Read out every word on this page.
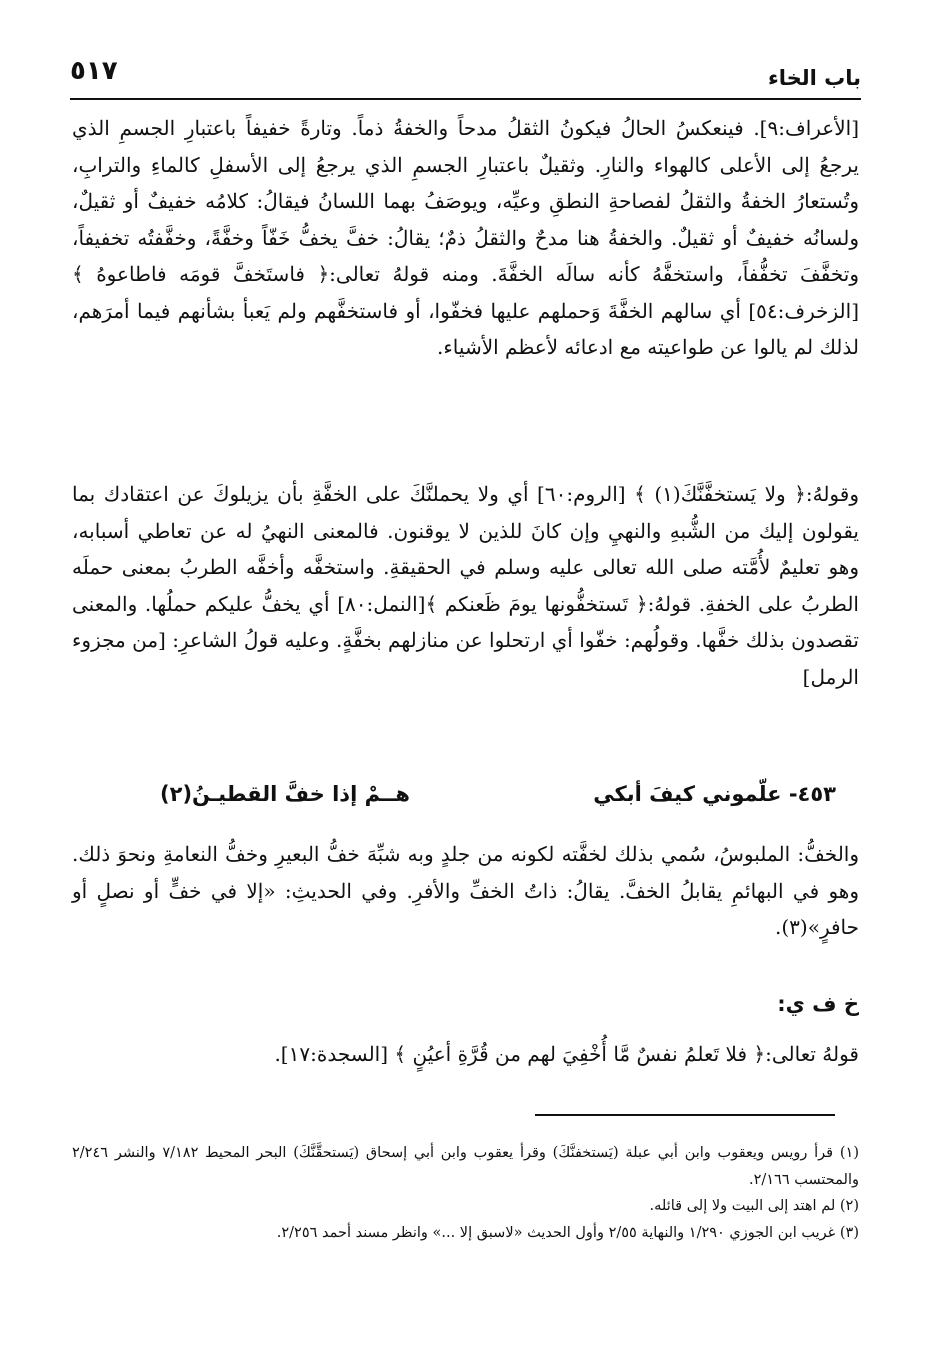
٥١٧	باب الخاء

[الأعراف:٩]. فينعكسُ الحالُ فيكونُ الثقلُ مدحاً والخفةُ ذماً. وتارةً خفيفاً باعتبارِ الجسمِ الذي يرجعُ إلى الأعلى كالهواء والنارِ. وثقيلٌ باعتبارِ الجسمِ الذي يرجعُ إلى الأسفلِ كالماءِ والترابِ، وتُستعارُ الخفةُ والثقلُ لفصاحةِ النطقِ وعيِّه، ويوصَفُ بهما اللسانُ فيقالُ: كلامُه خفيفٌ أو ثقيلٌ، ولسانُه خفيفٌ أو ثقيلٌ. والخفةُ هنا مدحٌ والثقلُ ذمٌ؛ يقالُ: خفَّ يخفُّ خَفّاً وخفَّةً، وخفَّفتُه تخفيفاً، وتخفَّفَ تخفُّفاً، واستخفَّهُ كأنه سالَه الخفَّةَ. ومنه قولهُ تعالى:﴿ فاستَخفَّ قومَه فاطاعوهُ ﴾ [الزخرف:٥٤] أي سالهم الخفَّةَ وَحملهم عليها فخفّوا، أو فاستخفَّهم ولم يَعبأ بشأنهم فيما أمرَهم، لذلك لم يالوا عن طواعيته مع ادعائه لأعظم الأشياء.

وقولهُ:﴿ ولا يَستخفَّنَّكَ(١) ﴾ [الروم:٦٠] أي ولا يحملنَّكَ على الخفَّةِ بأن يزيلوكَ عن اعتقادك بما يقولون إليك من الشُّبهِ والنهيِ وإن كانَ للذين لا يوقنون. فالمعنى النهيُ له عن تعاطي أسبابه، وهو تعليمٌ لأُمَّته صلى الله تعالى عليه وسلم في الحقيقةِ. واستخفَّه وأخفَّه الطربُ بمعنى حملَه الطربُ على الخفةِ. قولهُ:﴿ تَستخفُّونها يومَ ظَعنكم ﴾[النمل:٨٠] أي يخفُّ عليكم حملُها. والمعنى تقصدون بذلك خفَّها. وقولُهم: خفّوا أي ارتحلوا عن منازلهم بخفَّةٍ. وعليه قولُ الشاعرِ: [من مجزوء الرمل]

٤٥٣- علّموني كيفَ أبكي
هــمْ إذا خفَّ القطيـنُ(٢)

والخفُّ: الملبوسُ، سُمي بذلك لخفَّته لكونه من جلدٍ وبه شبِّهَ خفُّ البعيرِ وخفُّ النعامةِ ونحوَ ذلك. وهو في البهائمِ يقابلُ الخفَّ. يقالُ: ذاتُ الخفِّ والأفرِ. وفي الحديثِ: «إلا في خفٍّ أو نصلٍ أو حافرٍ»(٣).

خ ف ي:
قولهُ تعالى:﴿ فلا تَعلمُ نفسٌ مَّا أُخْفِيَ لهم من قُرَّةِ أعيُنٍ ﴾ [السجدة:١٧].

(١) قرأ رويس ويعقوب وابن أبي عبلة (يَستخفنَّكَ) وقرأ يعقوب وابن أبي إسحاق (يَستحقَّنَّكَ) البحر المحيط ٧/١٨٢ والنشر ٢/٢٤٦ والمحتسب ٢/١٦٦.

(٢) لم اهتد إلى البيت ولا إلى قائله.

(٣) غريب ابن الجوزي ١/٢٩٠ والنهاية ٢/٥٥ وأول الحديث «لاسبق إلا ...» وانظر مسند أحمد ٢/٢٥٦.
